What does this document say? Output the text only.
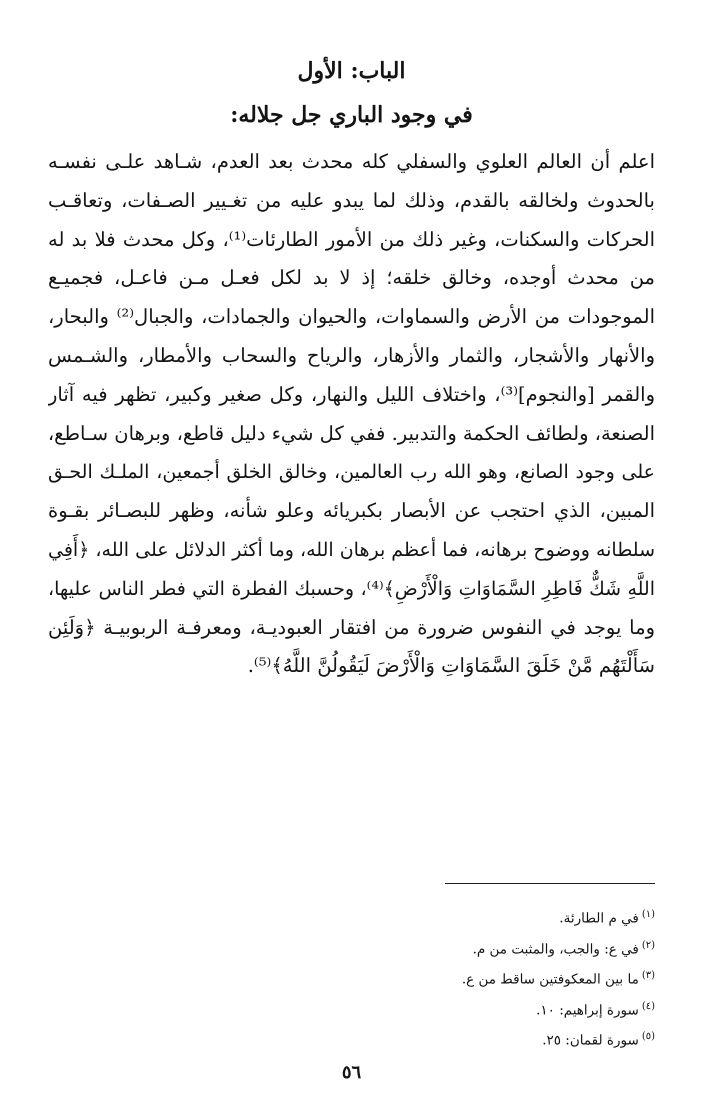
الباب: الأول
في وجود الباري جل جلاله:
اعلم أن العالم العلوي والسفلي كله محدث بعد العدم، شـاهد علـى نفسـه
بالحدوث ولخالقه بالقدم، وذلك لما يبدو عليه من تغـيير الصـفات، وتعاقـب
الحركات والسكنات، وغير ذلك من الأمور الطارئات⁽¹⁾، وكل محدث فلا بد له
من محدث أوجده، وخالق خلقه؛ إذ لا بد لكل فعـل مـن فاعـل، فجميـع
الموجودات من الأرض والسماوات، والحيوان والجمادات، والجبال⁽²⁾ والبحار،
والأنهار والأشجار، والثمار والأزهار، والرياح والسحاب والأمطار، والشـمس
والقمر [والنجوم]⁽³⁾، واختلاف الليل والنهار، وكل صغير وكبير، تظهر فيه آثار
الصنعة، ولطائف الحكمة والتدبير. ففي كل شيء دليل قاطع، وبرهان سـاطع،
على وجود الصانع، وهو الله رب العالمين، وخالق الخلق أجمعين، الملـك الحـق
المبين، الذي احتجب عن الأبصار بكبريائه وعلو شأنه، وظهر للبصـائر بقـوة
سلطانه ووضوح برهانه، فما أعظم برهان الله، وما أكثر الدلائل على الله، ﴿أَفِي
اللَّهِ شَكٌّ فَاطِرِ السَّمَاوَاتِ وَالْأَرْضِ﴾⁽⁴⁾، وحسبك الفطرة التي فطر الناس عليها،
وما يوجد في النفوس ضرورة من افتقار العبوديـة، ومعرفـة الربوبيـة ﴿وَلَئِن
سَأَلْتَهُم مَّنْ خَلَقَ السَّمَاوَاتِ وَالْأَرْضَ لَيَقُولُنَّ اللَّهُ﴾⁽⁵⁾.
$^{(١)}$في م الطارئة.
$^{(٢)}$في ع: والجب، والمثبت من م.
$^{(٣)}$ما بين المعكوفتين ساقط من ع.
$^{(٤)}$سورة إبراهيم: ١٠.
$^{(٥)}$سورة لقمان: ٢٥.
٥٦
